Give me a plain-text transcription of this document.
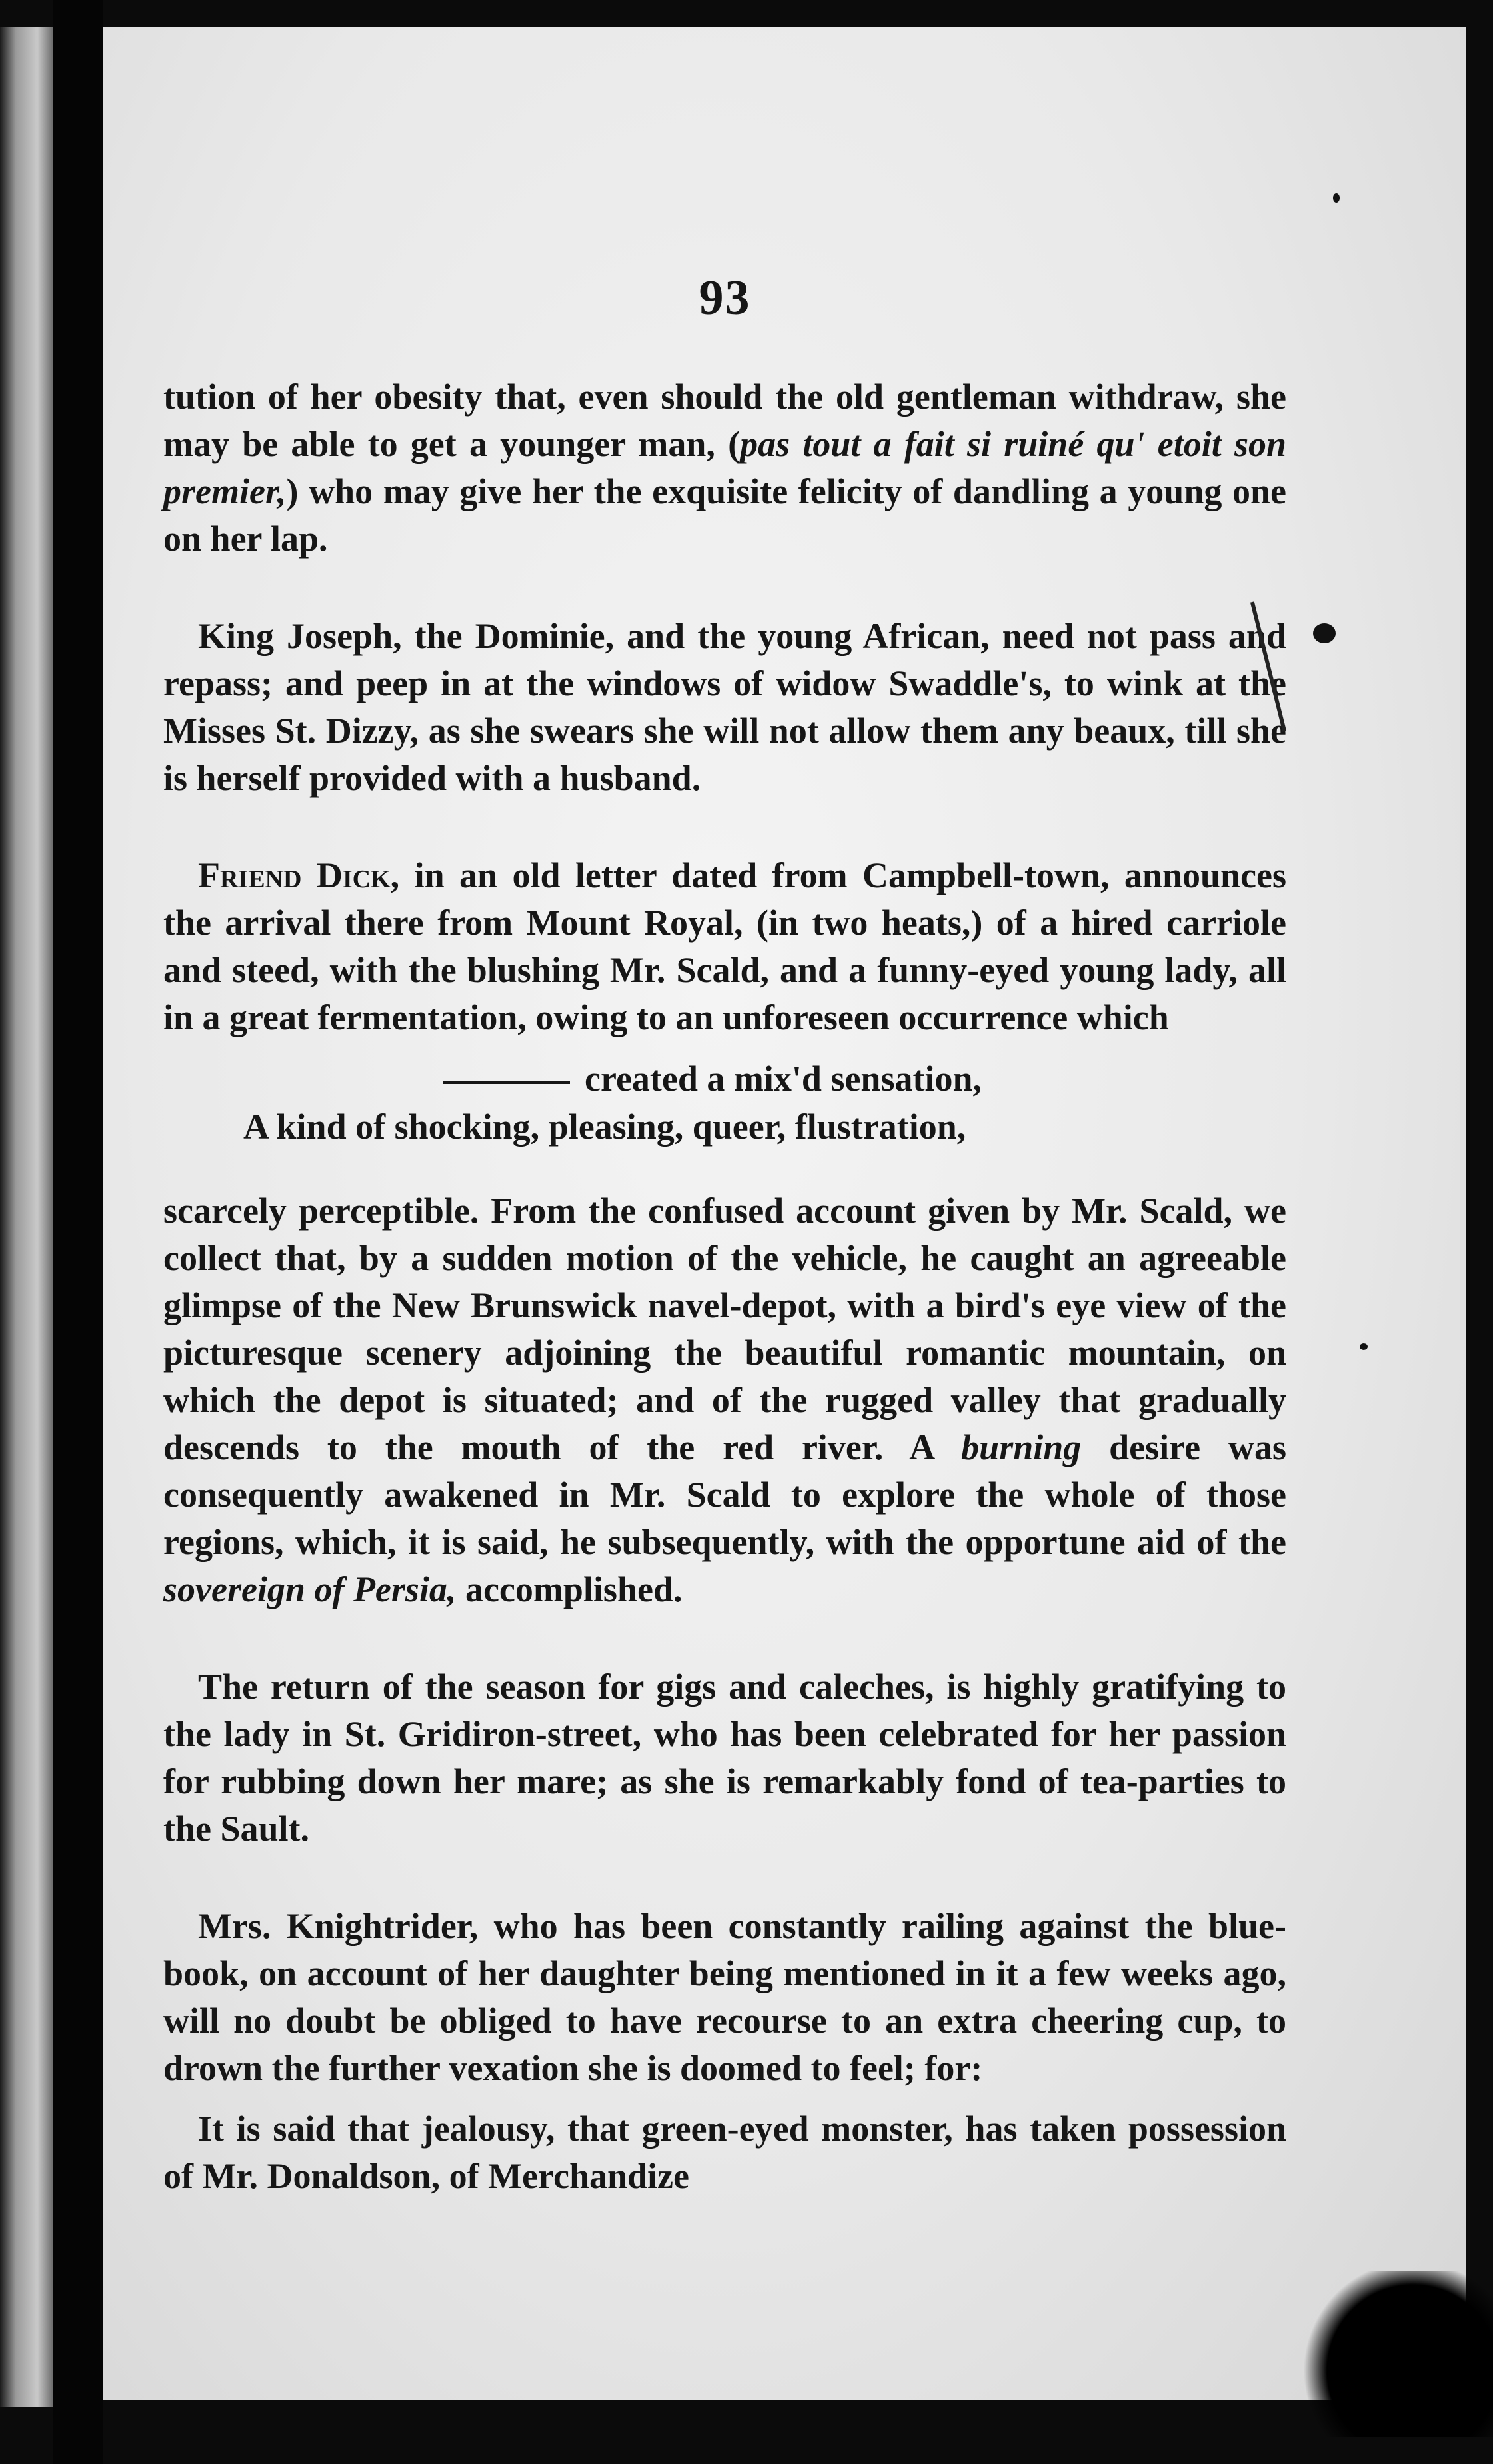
93

tution of her obesity that, even should the old gentleman withdraw, she may be able to get a younger man, (pas tout a fait si ruiné qu' etoit son premier,) who may give her the exquisite felicity of dandling a young one on her lap.

King Joseph, the Dominie, and the young African, need not pass and repass; and peep in at the windows of widow Swaddle's, to wink at the Misses St. Dizzy, as she swears she will not allow them any beaux, till she is herself provided with a husband.

Friend Dick, in an old letter dated from Campbell-town, announces the arrival there from Mount Royal, (in two heats,) of a hired carriole and steed, with the blushing Mr. Scald, and a funny-eyed young lady, all in a great fermentation, owing to an unforeseen occurrence which

created a mix'd sensation,
A kind of shocking, pleasing, queer, flustration,

scarcely perceptible. From the confused account given by Mr. Scald, we collect that, by a sudden motion of the vehicle, he caught an agreeable glimpse of the New Brunswick navel-depot, with a bird's eye view of the picturesque scenery adjoining the beautiful romantic mountain, on which the depot is situated; and of the rugged valley that gradually descends to the mouth of the red river. A burning desire was consequently awakened in Mr. Scald to explore the whole of those regions, which, it is said, he subsequently, with the opportune aid of the sovereign of Persia, accomplished.

The return of the season for gigs and caleches, is highly gratifying to the lady in St. Gridiron-street, who has been celebrated for her passion for rubbing down her mare; as she is remarkably fond of tea-parties to the Sault.

Mrs. Knightrider, who has been constantly railing against the blue-book, on account of her daughter being mentioned in it a few weeks ago, will no doubt be obliged to have recourse to an extra cheering cup, to drown the further vexation she is doomed to feel; for:

It is said that jealousy, that green-eyed monster, has taken possession of Mr. Donaldson, of Merchandize
